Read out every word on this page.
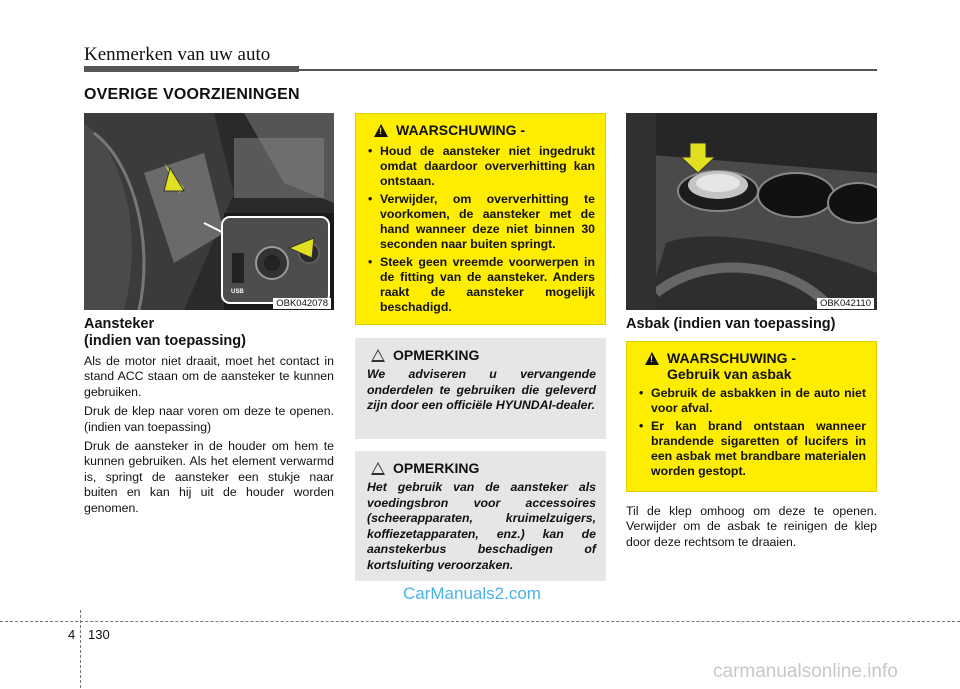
Kenmerken van uw auto
OVERIGE VOORZIENINGEN
USB
OBK042078
Aansteker
(indien van toepassing)

Als de motor niet draait, moet het contact in stand ACC staan om de aansteker te kunnen gebruiken.

Druk de klep naar voren om deze te openen. (indien van toepassing)

Druk de aansteker in de houder om hem te kunnen gebruiken. Als het element verwarmd is, springt de aansteker een stukje naar buiten en kan hij uit de houder worden genomen.

!
WAARSCHUWING -
• Houd de aansteker niet ingedrukt omdat daardoor oververhitting kan ontstaan.
• Verwijder, om oververhitting te voorkomen, de aansteker met de hand wanneer deze niet binnen 30 seconden naar buiten springt.
• Steek geen vreemde voorwerpen in de fitting van de aansteker. Anders raakt de aansteker mogelijk beschadigd.
OPMERKING
We adviseren u vervangende onderdelen te gebruiken die geleverd zijn door een officiële HYUNDAI-dealer.
OPMERKING
Het gebruik van de aansteker als voedingsbron voor accessoires (scheerapparaten, kruimelzuigers, koffiezetapparaten, enz.) kan de aanstekerbus beschadigen of kortsluiting veroorzaken.
OBK042110
Asbak (indien van toepassing)
!
WAARSCHUWING -
Gebruik van asbak
• Gebruik de asbakken in de auto niet voor afval.
• Er kan brand ontstaan wanneer brandende sigaretten of lucifers in een asbak met brandbare materialen worden gestopt.

Til de klep omhoog om deze te openen. Verwijder om de asbak te reinigen de klep door deze rechtsom te draaien.

CarManuals2.com
4 130
carmanualsonline.info
